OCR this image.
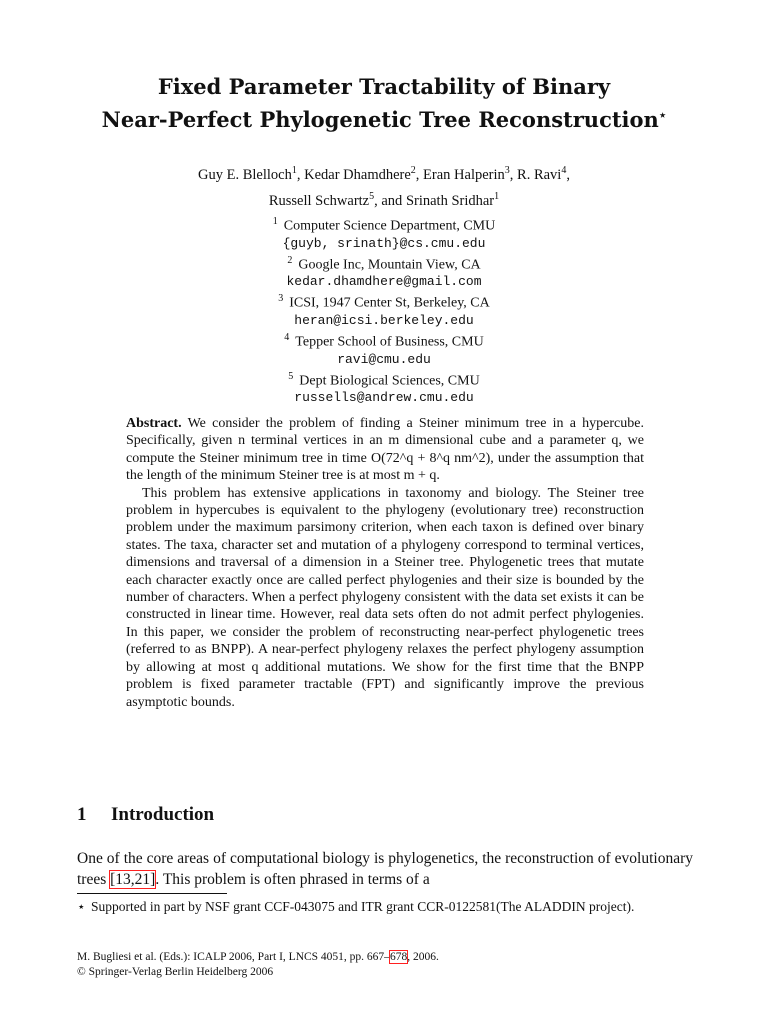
Fixed Parameter Tractability of Binary
Near-Perfect Phylogenetic Tree Reconstruction⋆
Guy E. Blelloch$^1$, Kedar Dhamdhere$^2$, Eran Halperin$^3$, R. Ravi$^4$,
Russell Schwartz$^5$, and Srinath Sridhar$^1$
$^1$ Computer Science Department, CMU
{guyb, srinath}@cs.cmu.edu
$^2$ Google Inc, Mountain View, CA
kedar.dhamdhere@gmail.com
$^3$ ICSI, 1947 Center St, Berkeley, CA
heran@icsi.berkeley.edu
$^4$ Tepper School of Business, CMU
ravi@cmu.edu
$^5$ Dept Biological Sciences, CMU
russells@andrew.cmu.edu

Abstract. We consider the problem of finding a Steiner minimum tree in a hypercube. Specifically, given n terminal vertices in an m dimensional cube and a parameter q, we compute the Steiner minimum tree in time O(72^q + 8^q nm^2), under the assumption that the length of the minimum Steiner tree is at most m + q.

This problem has extensive applications in taxonomy and biology. The Steiner tree problem in hypercubes is equivalent to the phylogeny (evolutionary tree) reconstruction problem under the maximum parsimony criterion, when each taxon is defined over binary states. The taxa, character set and mutation of a phylogeny correspond to terminal vertices, dimensions and traversal of a dimension in a Steiner tree. Phylogenetic trees that mutate each character exactly once are called perfect phylogenies and their size is bounded by the number of characters. When a perfect phylogeny consistent with the data set exists it can be constructed in linear time. However, real data sets often do not admit perfect phylogenies. In this paper, we consider the problem of reconstructing near-perfect phylogenetic trees (referred to as BNPP). A near-perfect phylogeny relaxes the perfect phylogeny assumption by allowing at most q additional mutations. We show for the first time that the BNPP problem is fixed parameter tractable (FPT) and significantly improve the previous asymptotic bounds.

1 Introduction

One of the core areas of computational biology is phylogenetics, the reconstruction of evolutionary trees [13,21]. This problem is often phrased in terms of a

⋆ Supported in part by NSF grant CCF-043075 and ITR grant CCR-0122581(The ALADDIN project).
M. Bugliesi et al. (Eds.): ICALP 2006, Part I, LNCS 4051, pp. 667–678, 2006.
© Springer-Verlag Berlin Heidelberg 2006
